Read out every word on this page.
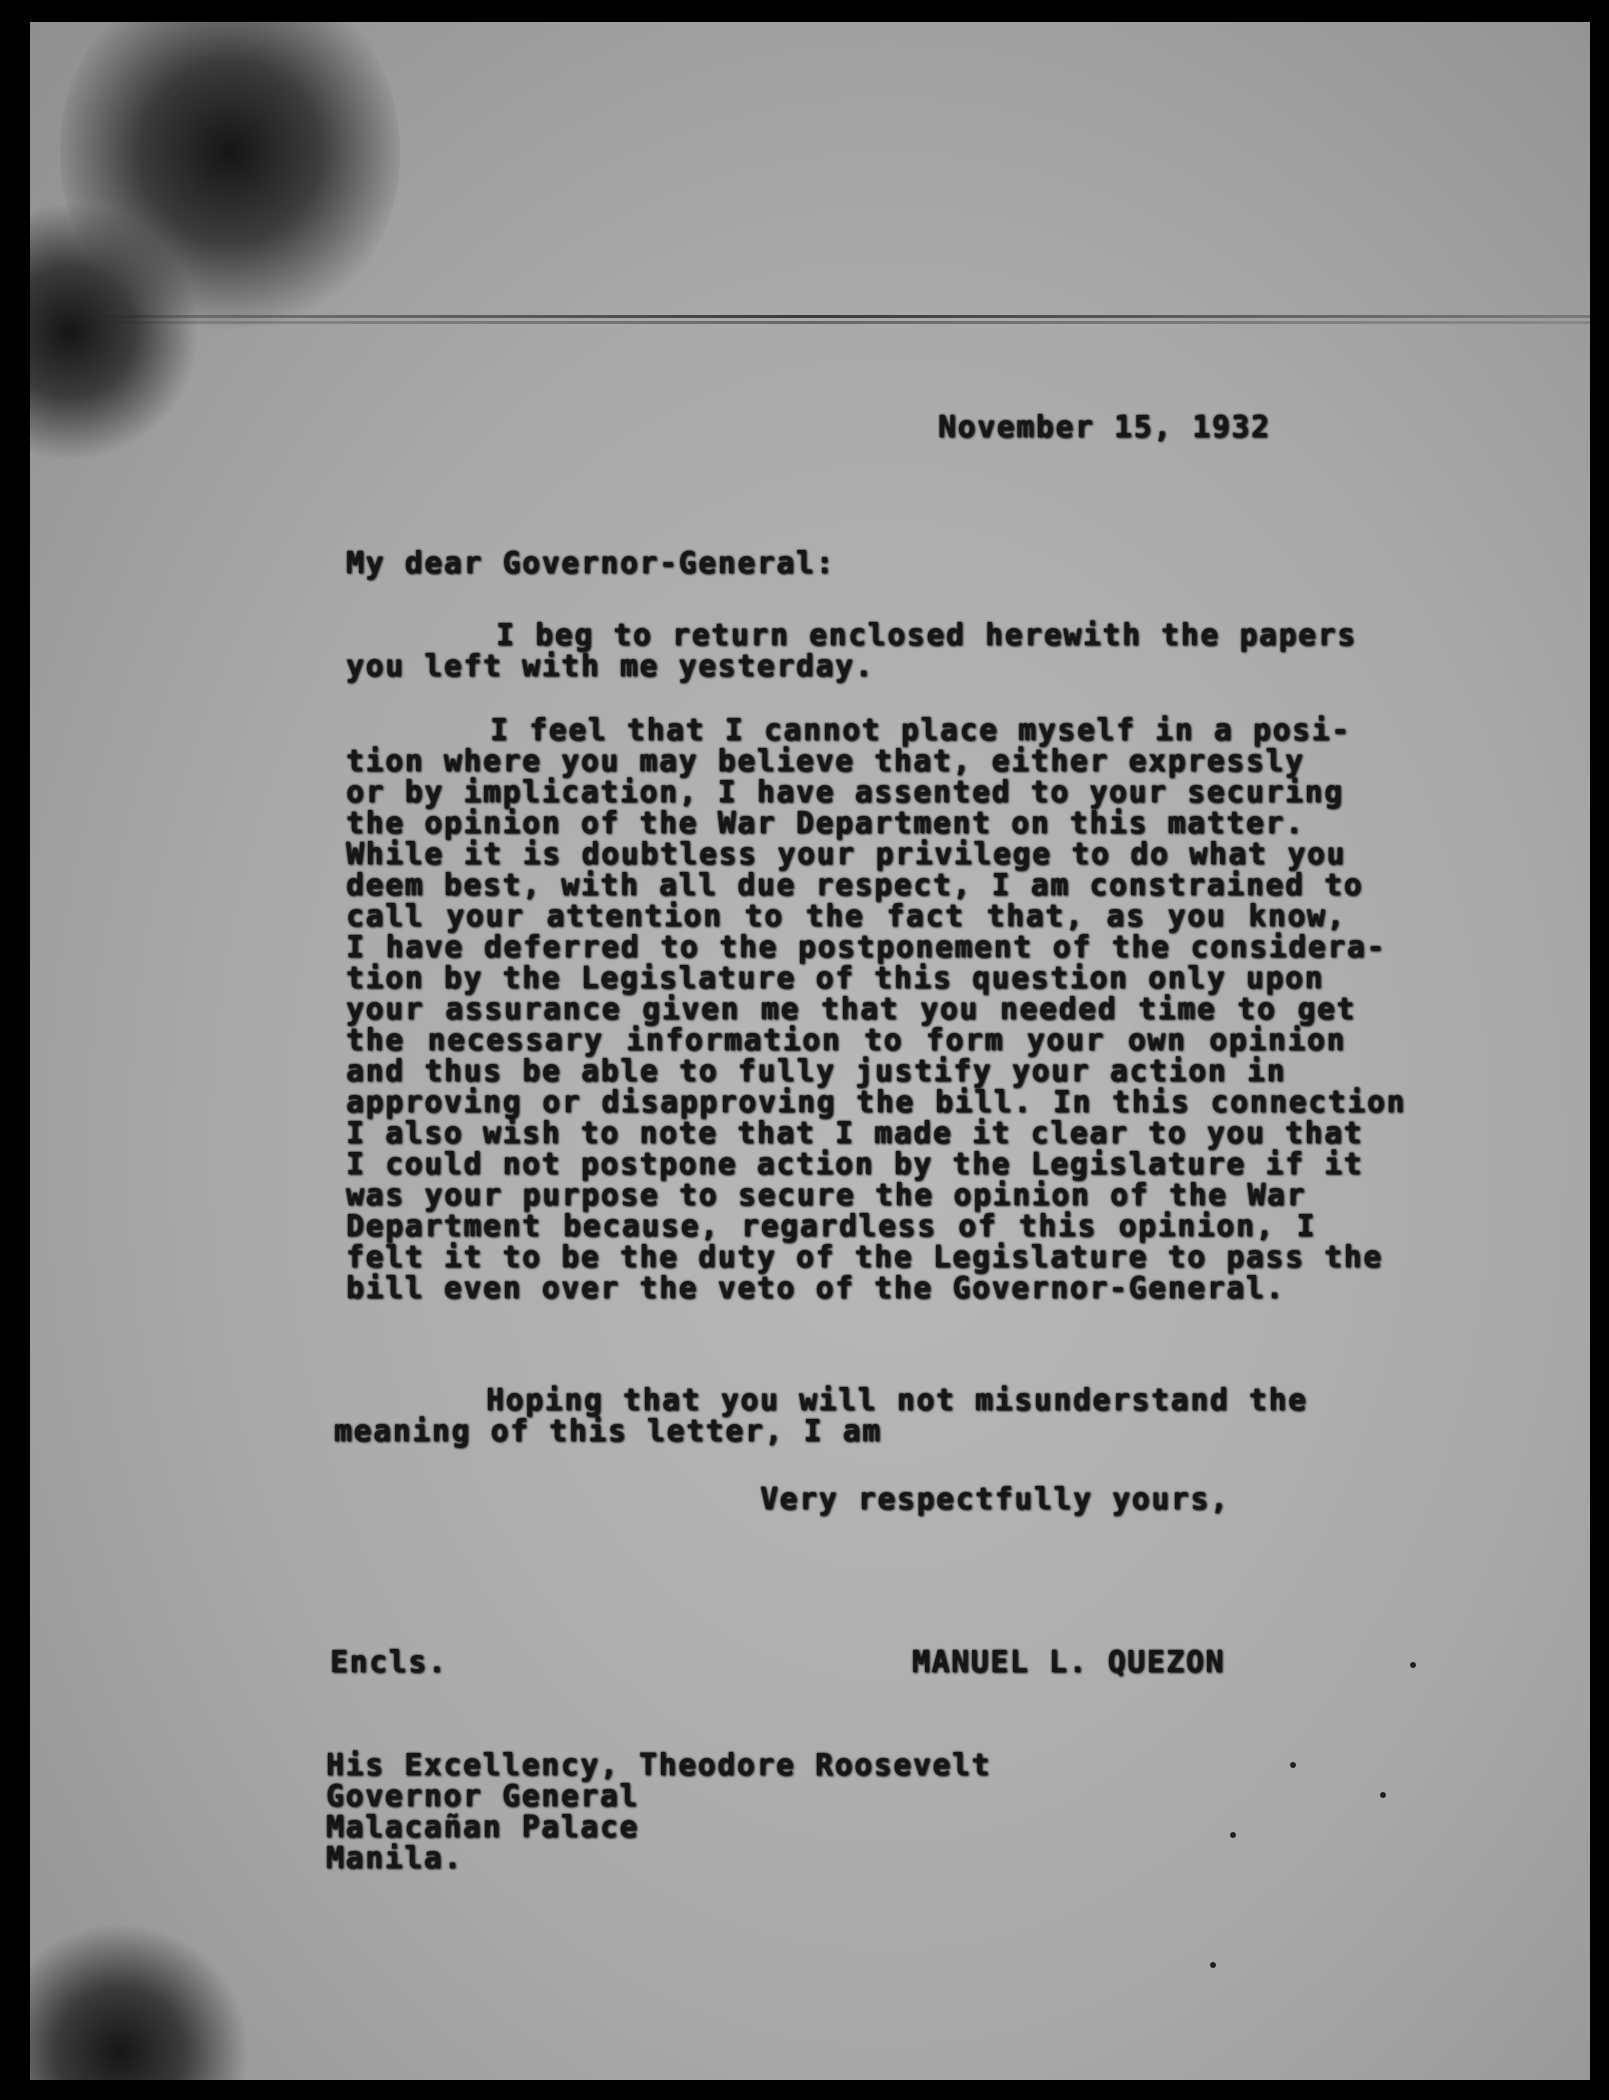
November 15, 1932
My dear Governor-General:
I beg to return enclosed herewith the papers
you left with me yesterday.
I feel that I cannot place myself in a posi-
tion where you may believe that, either expressly
or by implication, I have assented to your securing
the opinion of the War Department on this matter.
While it is doubtless your privilege to do what you
deem best, with all due respect, I am constrained to
call your attention to the fact that, as you know,
I have deferred to the postponement of the considera-
tion by the Legislature of this question only upon
your assurance given me that you needed time to get
the necessary information to form your own opinion
and thus be able to fully justify your action in
approving or disapproving the bill. In this connection
I also wish to note that I made it clear to you that
I could not postpone action by the Legislature if it
was your purpose to secure the opinion of the War
Department because, regardless of this opinion, I
felt it to be the duty of the Legislature to pass the
bill even over the veto of the Governor-General.
Hoping that you will not misunderstand the
meaning of this letter, I am
Very respectfully yours,
Encls.	MANUEL L. QUEZON
His Excellency, Theodore Roosevelt
Governor General
Malacañan Palace
Manila.
